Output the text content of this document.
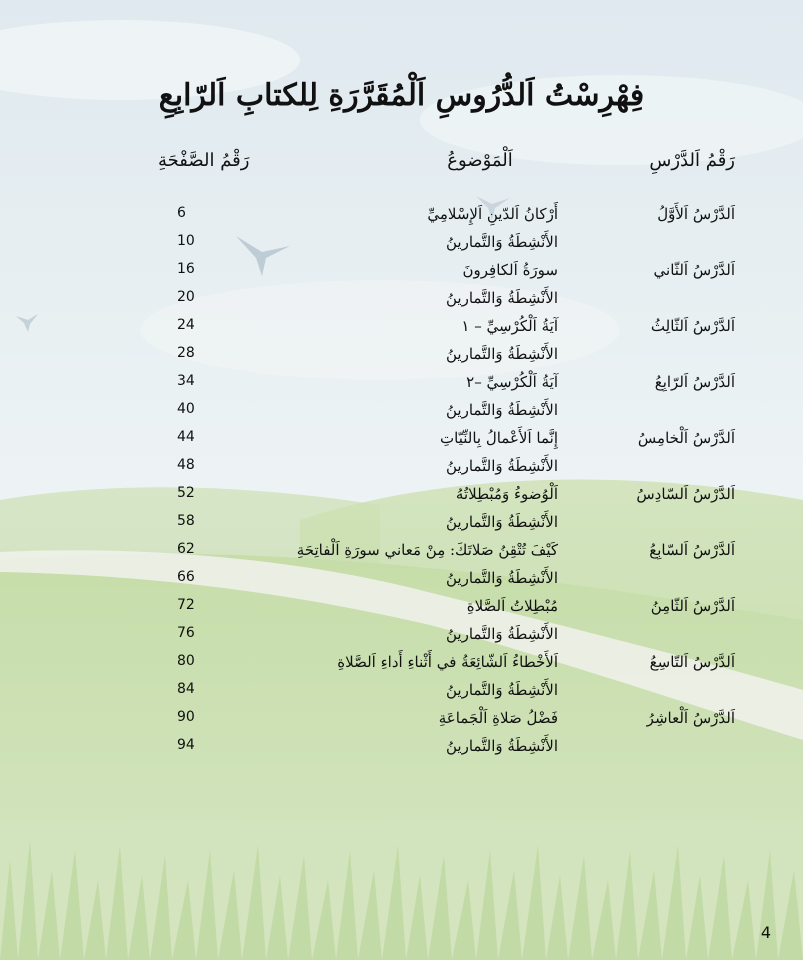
فِهْرِسْتُ اَلدُّرُوسِ اَلْمُقَرَّرَةِ لِلكتابِ اَلرّابِعِ
رَقْمُ اَلدَّرْسِ
اَلْمَوْضوعُ
رَقْمُ الصَّفْحَةِ
اَلدَّرْسُ اَلأَوَّلُ
أَرْكانُ اَلدّينِ اَلإِسْلامِيِّ
6
الأَنْشِطَةُ وَالتَّمارينُ
10
اَلدَّرْسُ اَلثّاني
سورَةُ اَلكافِرونَ
16
الأَنْشِطَةُ وَالتَّمارينُ
20
اَلدَّرْسُ اَلثّالِثُ
آيَةُ اَلْكُرْسِيِّ – ١
24
الأَنْشِطَةُ وَالتَّمارينُ
28
اَلدَّرْسُ اَلرّابِعُ
آيَةُ اَلْكُرْسِيِّ –٢
34
الأَنْشِطَةُ وَالتَّمارينُ
40
اَلدَّرْسُ اَلْخامِسُ
إِنَّما اَلأَعْمالُ بِالنِّيّاتِ
44
الأَنْشِطَةُ وَالتَّمارينُ
48
اَلدَّرْسُ اَلسّادِسُ
اَلْوُضوءُ وَمُبْطِلاتُهُ
52
الأَنْشِطَةُ وَالتَّمارينُ
58
اَلدَّرْسُ اَلسّابِعُ
كَيْفَ تُتْقِنُ صَلاتَكَ: مِنْ مَعاني سورَةِ اَلْفاتِحَةِ
62
الأَنْشِطَةُ وَالتَّمارينُ
66
اَلدَّرْسُ اَلثّامِنُ
مُبْطِلاتُ اَلصَّلاةِ
72
الأَنْشِطَةُ وَالتَّمارينُ
76
اَلدَّرْسُ اَلتّاسِعُ
اَلأَخْطاءُ اَلشّائِعَةُ في أَثْناءِ أَداءِ اَلصَّلاةِ
80
الأَنْشِطَةُ وَالتَّمارينُ
84
اَلدَّرْسُ اَلْعاشِرُ
فَضْلُ صَلاةِ اَلْجَماعَةِ
90
الأَنْشِطَةُ وَالتَّمارينُ
94
4
